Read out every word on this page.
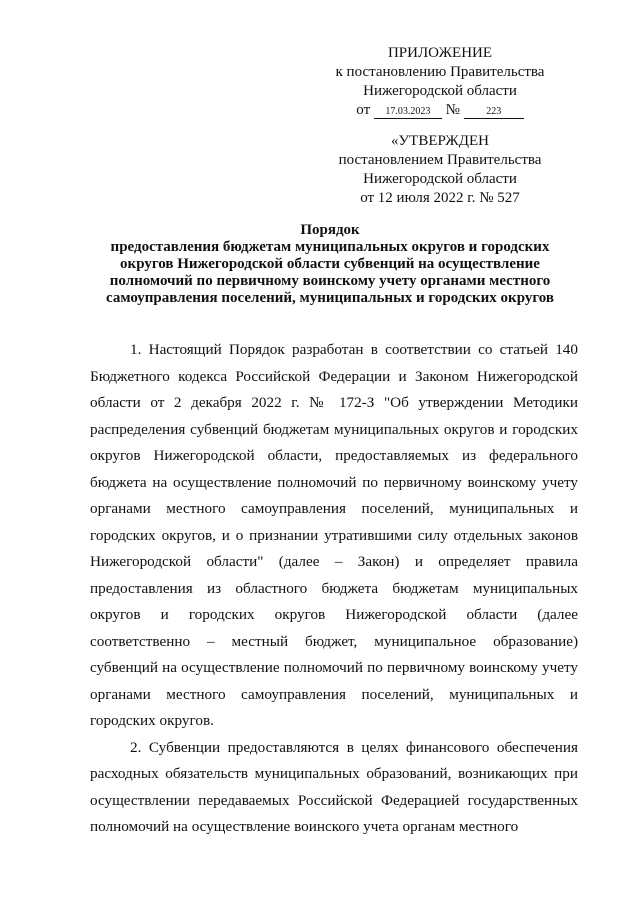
ПРИЛОЖЕНИЕ
к постановлению Правительства
Нижегородской области
от 17.03.2023 №	223
«УТВЕРЖДЕН
постановлением Правительства
Нижегородской области
от 12 июля 2022 г. № 527
Порядок
предоставления бюджетам муниципальных округов и городских
округов Нижегородской области субвенций на осуществление
полномочий по первичному воинскому учету органами местного
самоуправления поселений, муниципальных и городских округов

1. Настоящий Порядок разработан в соответствии со статьей 140 Бюджетного кодекса Российской Федерации и Законом Нижегородской области от 2 декабря 2022 г. № 172-З "Об утверждении Методики распределения субвенций бюджетам муниципальных округов и городских округов Нижегородской области, предоставляемых из федерального бюджета на осуществление полномочий по первичному воинскому учету органами местного самоуправления поселений, муниципальных и городских округов, и о признании утратившими силу отдельных законов Нижегородской области" (далее – Закон) и определяет правила предоставления из областного бюджета бюджетам муниципальных округов и городских округов Нижегородской области (далее соответственно – местный бюджет, муниципальное образование) субвенций на осуществление полномочий по первичному воинскому учету органами местного самоуправления поселений, муниципальных и городских округов.

2. Субвенции предоставляются в целях финансового обеспечения расходных обязательств муниципальных образований, возникающих при осуществлении передаваемых Российской Федерацией государственных полномочий на осуществление воинского учета органам местного
